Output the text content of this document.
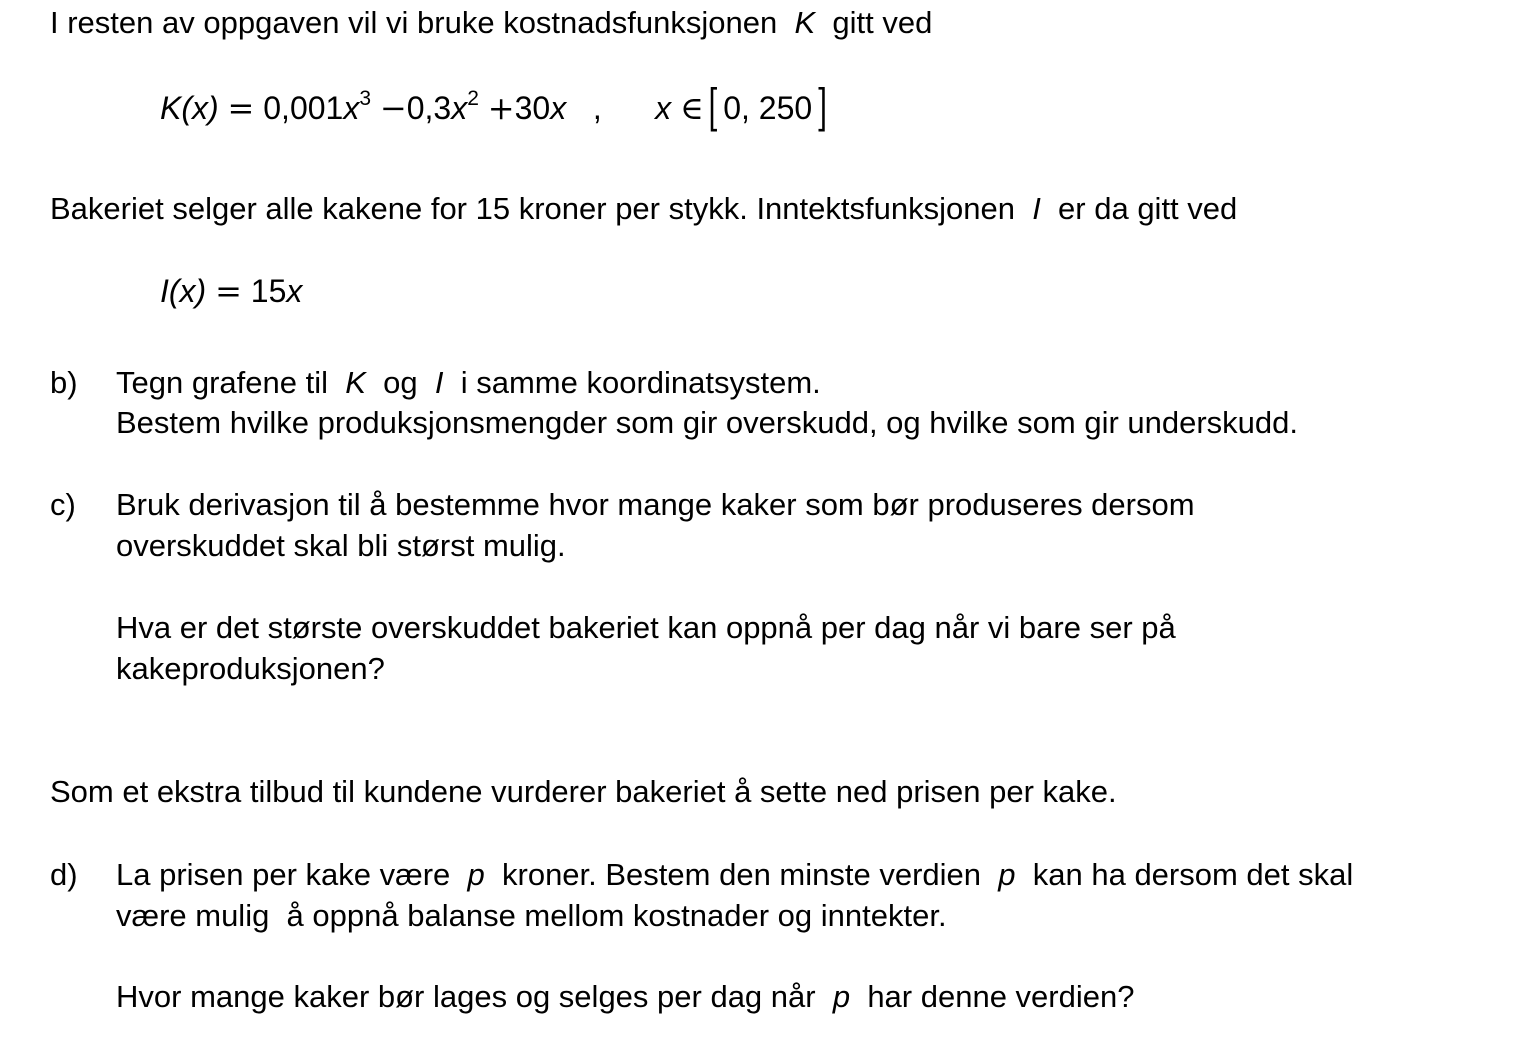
I resten av oppgaven vil vi bruke kostnadsfunksjonen K gitt ved
$K(x) = 0,001x^3 -0,3x^2 +30x$ , x ∈[ 0, 250]
Bakeriet selger alle kakene for 15 kroner per stykk. Inntektsfunksjonen I er da gitt ved
I(x) = 15x
b) Tegn grafene til K og I i samme koordinatsystem.
Bestem hvilke produksjonsmengder som gir overskudd, og hvilke som gir underskudd.
c) Bruk derivasjon til å bestemme hvor mange kaker som bør produseres dersom
overskuddet skal bli størst mulig.
Hva er det største overskuddet bakeriet kan oppnå per dag når vi bare ser på
kakeproduksjonen?
Som et ekstra tilbud til kundene vurderer bakeriet å sette ned prisen per kake.
d) La prisen per kake være p kroner. Bestem den minste verdien p kan ha dersom det skal
være mulig  å oppnå balanse mellom kostnader og inntekter.
Hvor mange kaker bør lages og selges per dag når p har denne verdien?
